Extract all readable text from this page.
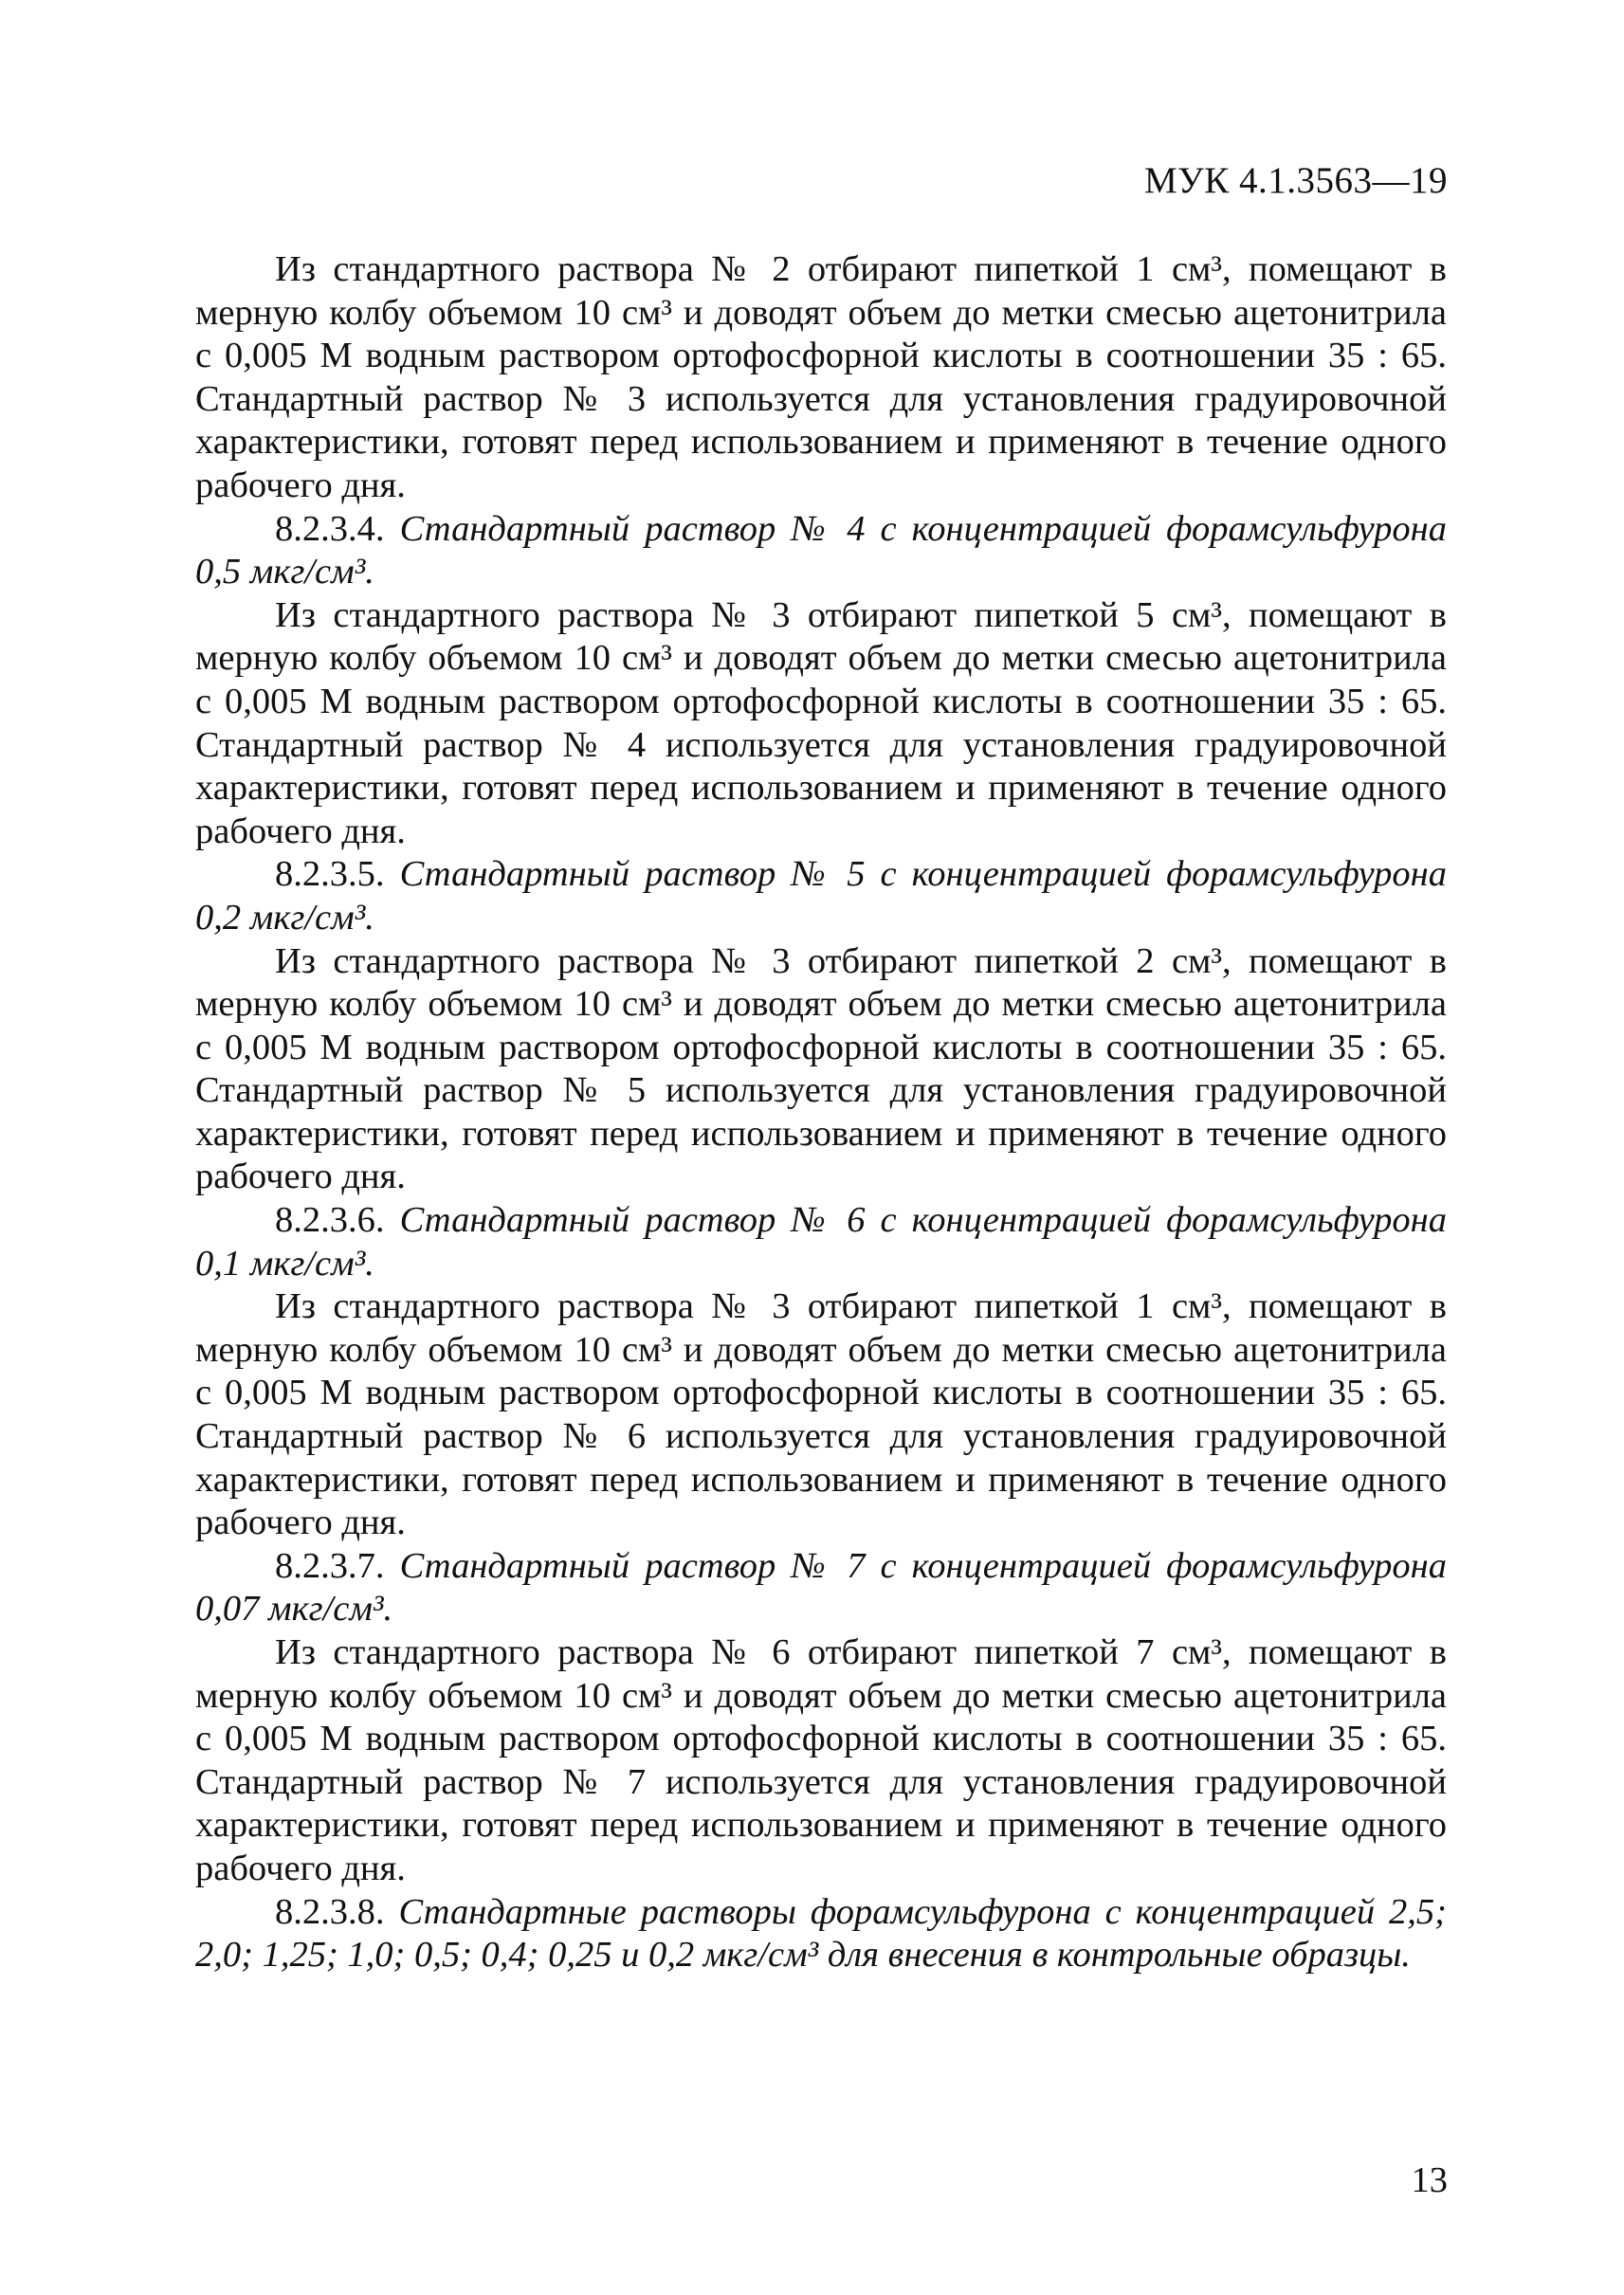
МУК 4.1.3563—19

Из стандартного раствора № 2 отбирают пипеткой 1 см³, помещают в мерную колбу объемом 10 см³ и доводят объем до метки смесью ацетонитрила с 0,005 М водным раствором ортофосфорной кислоты в соотношении 35 : 65. Стандартный раствор № 3 используется для установления градуировочной характеристики, готовят перед использованием и применяют в течение одного рабочего дня.

8.2.3.4. Стандартный раствор № 4 с концентрацией форамсульфурона 0,5 мкг/см³.

Из стандартного раствора № 3 отбирают пипеткой 5 см³, помещают в мерную колбу объемом 10 см³ и доводят объем до метки смесью ацетонитрила с 0,005 М водным раствором ортофосфорной кислоты в соотношении 35 : 65. Стандартный раствор № 4 используется для установления градуировочной характеристики, готовят перед использованием и применяют в течение одного рабочего дня.

8.2.3.5. Стандартный раствор № 5 с концентрацией форамсульфурона 0,2 мкг/см³.

Из стандартного раствора № 3 отбирают пипеткой 2 см³, помещают в мерную колбу объемом 10 см³ и доводят объем до метки смесью ацетонитрила с 0,005 М водным раствором ортофосфорной кислоты в соотношении 35 : 65. Стандартный раствор № 5 используется для установления градуировочной характеристики, готовят перед использованием и применяют в течение одного рабочего дня.

8.2.3.6. Стандартный раствор № 6 с концентрацией форамсульфурона 0,1 мкг/см³.

Из стандартного раствора № 3 отбирают пипеткой 1 см³, помещают в мерную колбу объемом 10 см³ и доводят объем до метки смесью ацетонитрила с 0,005 М водным раствором ортофосфорной кислоты в соотношении 35 : 65. Стандартный раствор № 6 используется для установления градуировочной характеристики, готовят перед использованием и применяют в течение одного рабочего дня.

8.2.3.7. Стандартный раствор № 7 с концентрацией форамсульфурона 0,07 мкг/см³.

Из стандартного раствора № 6 отбирают пипеткой 7 см³, помещают в мерную колбу объемом 10 см³ и доводят объем до метки смесью ацетонитрила с 0,005 М водным раствором ортофосфорной кислоты в соотношении 35 : 65. Стандартный раствор № 7 используется для установления градуировочной характеристики, готовят перед использованием и применяют в течение одного рабочего дня.

8.2.3.8. Стандартные растворы форамсульфурона с концентрацией 2,5; 2,0; 1,25; 1,0; 0,5; 0,4; 0,25 и 0,2 мкг/см³ для внесения в контрольные образцы.

13
